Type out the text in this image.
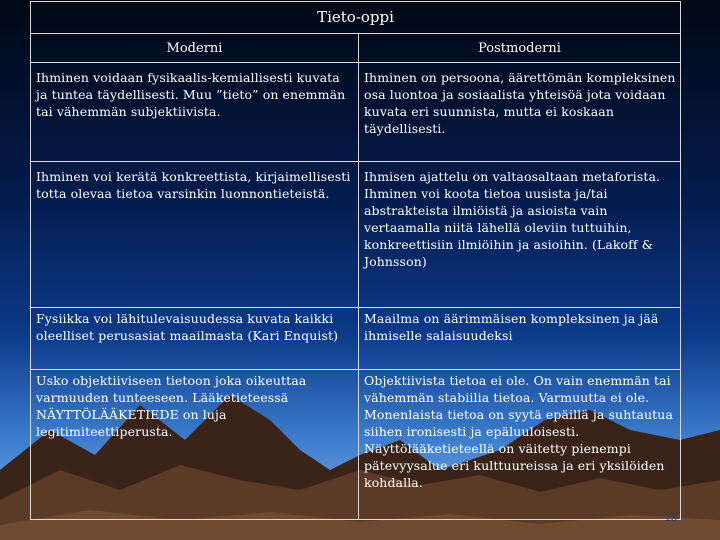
Tieto-oppi	
Moderni	Postmoderni
Ihminen voidaan fysikaalis-kemiallisesti kuvata ja tuntea täydellisesti. Muu ”tieto” on enemmän tai vähemmän subjektiivista.	Ihminen on persoona, äärettömän kompleksinen osa luontoa ja sosiaalista yhteisöä jota voidaan kuvata eri suunnista, mutta ei koskaan täydellisesti.
Ihminen voi kerätä konkreettista, kirjaimellisesti totta olevaa tietoa varsinkin luonnontieteistä.	Ihmisen ajattelu on valtaosaltaan metaforista. Ihminen voi koota tietoa uusista ja/tai abstrakteista ilmiöistä ja asioista vain vertaamalla niitä lähellä oleviin tuttuihin, konkreettisiin ilmiöihin ja asioihin. (Lakoff & Johnsson)
Fysiikka voi lähitulevaisuudessa kuvata kaikki oleelliset perusasiat maailmasta (Kari Enquist)	Maailma on äärimmäisen kompleksinen ja jää ihmiselle salaisuudeksi
Usko objektiiviseen tietoon joka oikeuttaa varmuuden tunteeseen. Lääketieteessä NÄYTTÖLÄÄKETIEDE on luja legitimiteettiperusta.	Objektiivista tietoa ei ole. On vain enemmän tai vähemmän stabiilia tietoa. Varmuutta ei ole. Monenlaista tietoa on syytä epäillä ja suhtautua siihen ironisesti ja epäluuloisesti. Näyttölääketieteellä on väitetty pienempi pätevyysalue eri kulttuureissa ja eri yksilöiden kohdalla.
13
